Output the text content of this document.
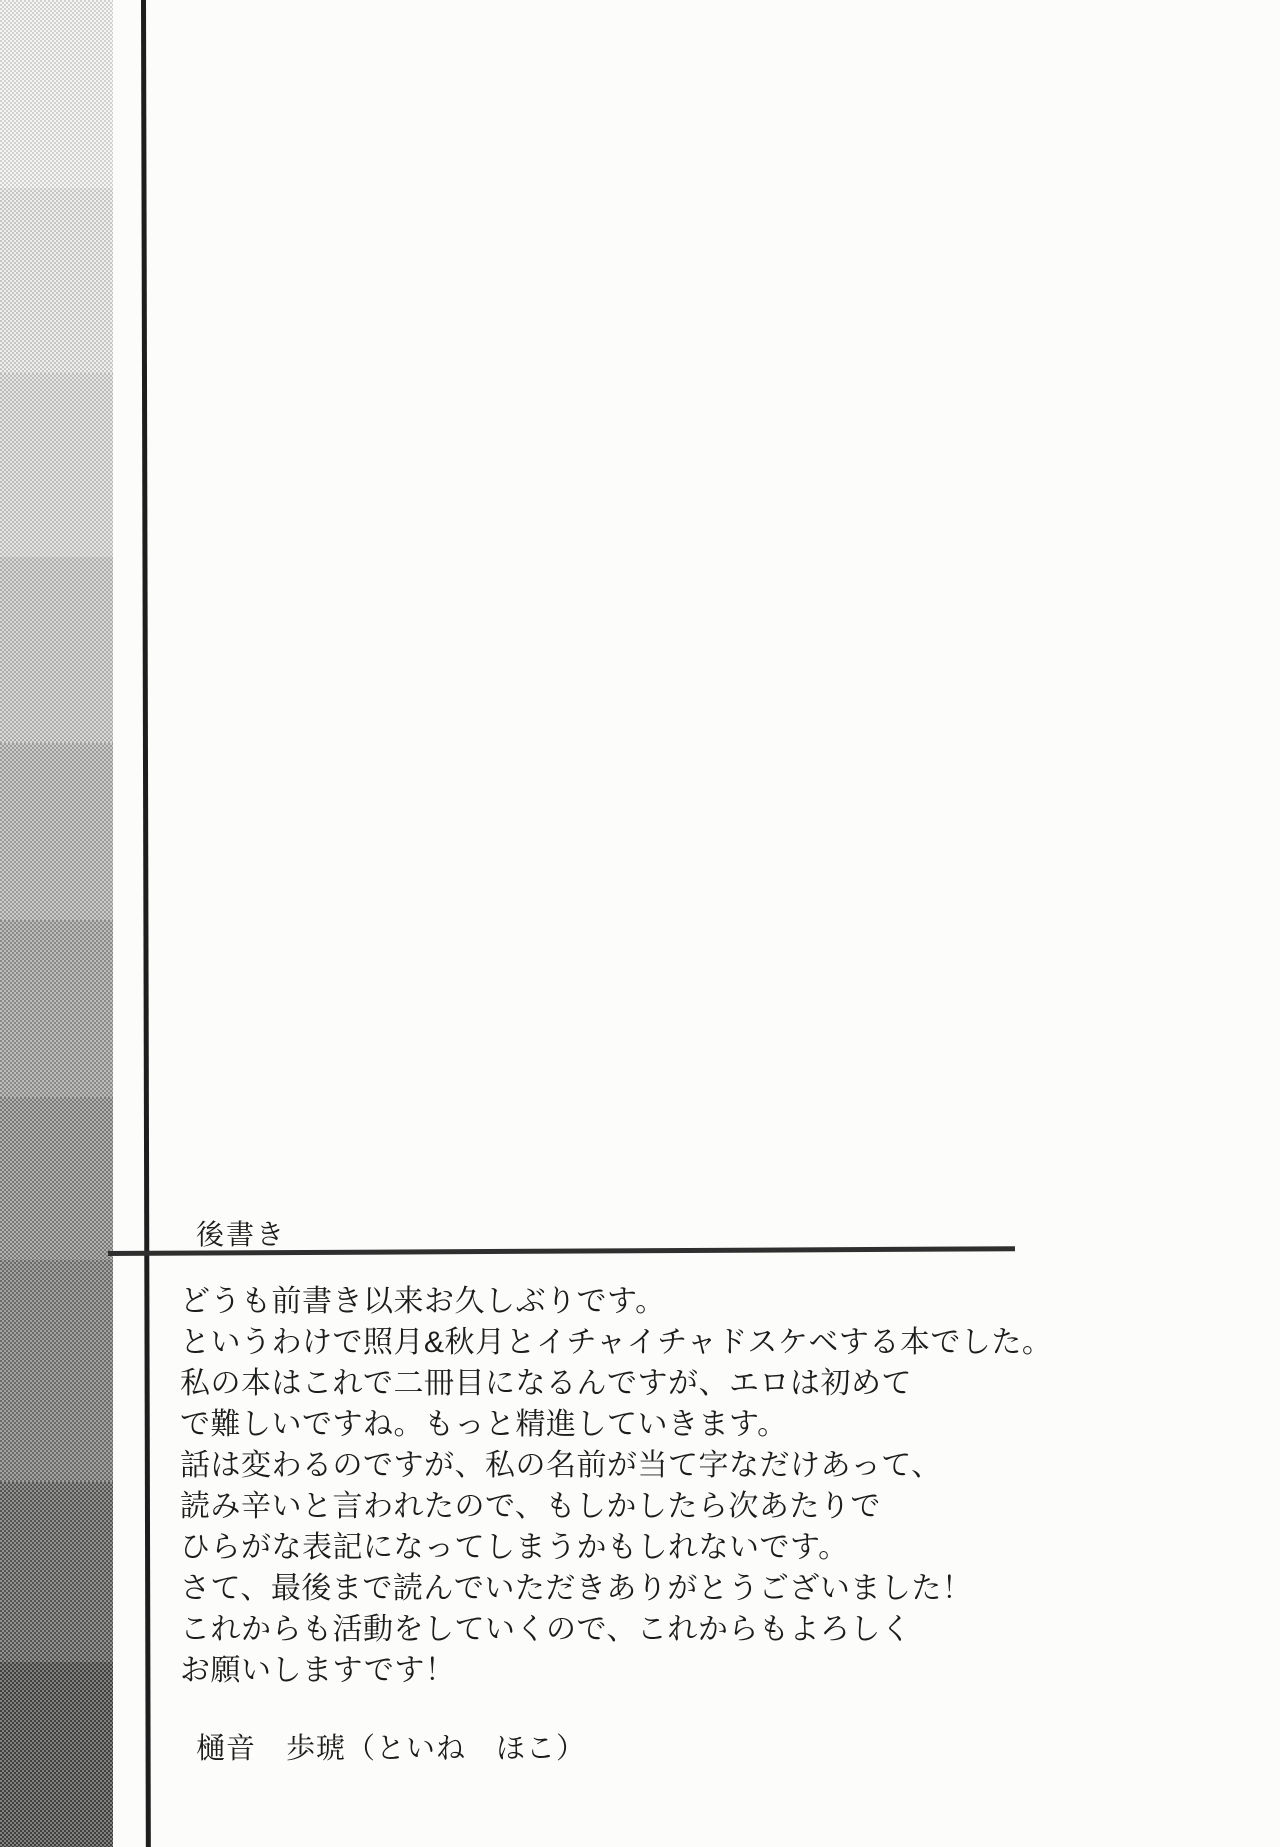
後書き

どうも前書き以来お久しぶりです。

というわけで照月&秋月とイチャイチャドスケベする本でした。

私の本はこれで二冊目になるんですが、エロは初めて

で難しいですね。もっと精進していきます。

話は変わるのですが、私の名前が当て字なだけあって、

読み辛いと言われたので、もしかしたら次あたりで

ひらがな表記になってしまうかもしれないです。

さて、最後まで読んでいただきありがとうございました！

これからも活動をしていくので、これからもよろしく

お願いしますです！

樋音　歩琥（といね　ほこ）
